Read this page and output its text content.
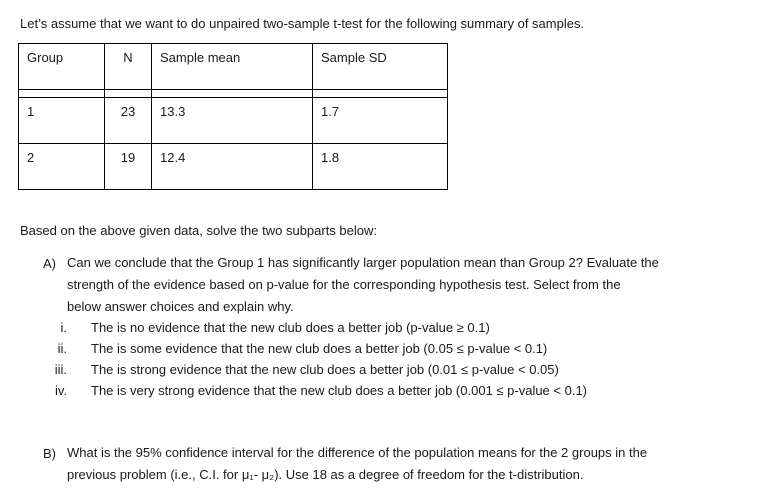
Let’s assume that we want to do unpaired two-sample t-test for the following summary of samples.
Group	N	Sample mean	Sample SD

1	23	13.3	1.7
2	19	12.4	1.8
Based on the above given data, solve the two subparts below:
A) Can we conclude that the Group 1 has significantly larger population mean than Group 2? Evaluate the
strength of the evidence based on p-value for the corresponding hypothesis test. Select from the
below answer choices and explain why.
i. The is no evidence that the new club does a better job (p-value ≥ 0.1)
ii. The is some evidence that the new club does a better job (0.05 ≤ p-value < 0.1)
iii. The is strong evidence that the new club does a better job (0.01 ≤ p-value < 0.05)
iv. The is very strong evidence that the new club does a better job (0.001 ≤ p-value < 0.1)
B) What is the 95% confidence interval for the difference of the population means for the 2 groups in the
previous problem (i.e., C.I. for μ₁- μ₂). Use 18 as a degree of freedom for the t-distribution.
